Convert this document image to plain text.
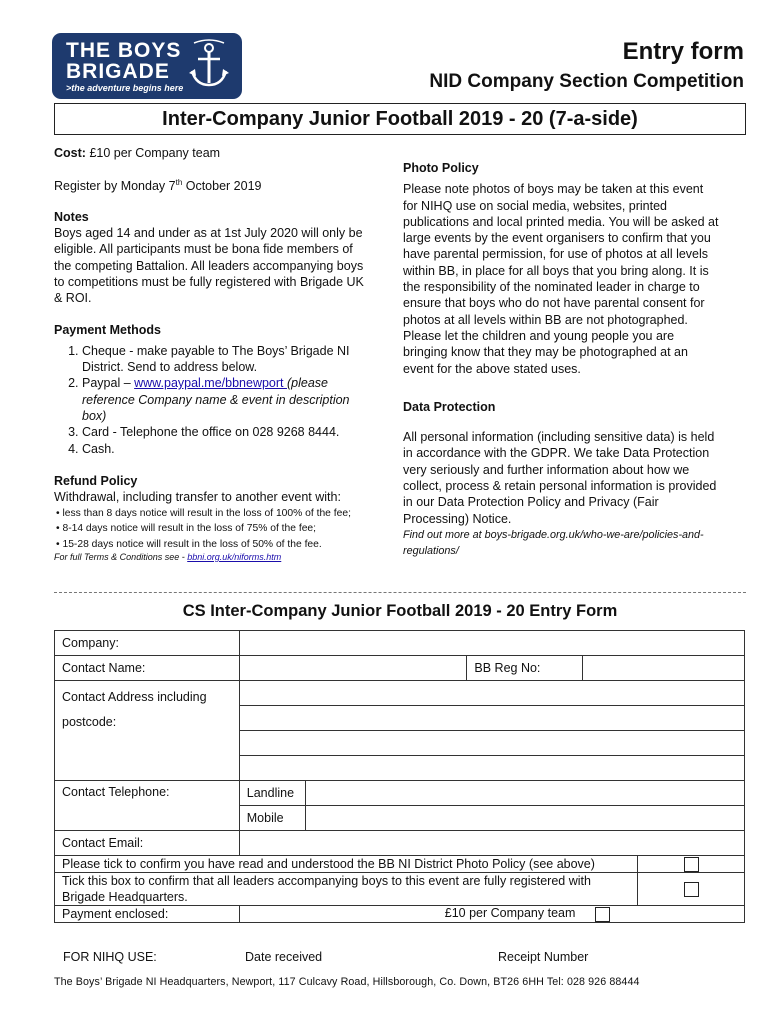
THE BOYS
BRIGADE
>the adventure begins here
Entry form
NID Company Section Competition
Inter-Company Junior Football 2019 - 20 (7-a-side)
Cost: £10 per Company team
Register by Monday 7th October 2019
Notes
Boys aged 14 and under as at 1st July 2020 will only be eligible. All participants must be bona fide members of the competing Battalion. All leaders accompanying boys to competitions must be fully registered with Brigade UK & ROI.
Payment Methods
1. Cheque - make payable to The Boys’ Brigade NI District. Send to address below.
2. Paypal – www.paypal.me/bbnewport (please reference Company name & event in description box)
3. Card - Telephone the office on 028 9268 8444.
4. Cash.
Refund Policy
Withdrawal, including transfer to another event with:
• less than 8 days notice will result in the loss of 100% of the fee;
• 8-14 days notice will result in the loss of 75% of the fee;
• 15-28 days notice will result in the loss of 50% of the fee.
For full Terms & Conditions see - bbni.org.uk/niforms.htm
Photo Policy
Please note photos of boys may be taken at this event for NIHQ use on social media, websites, printed publications and local printed media. You will be asked at large events by the event organisers to confirm that you have parental permission, for use of photos at all levels within BB, in place for all boys that you bring along. It is the responsibility of the nominated leader in charge to ensure that boys who do not have parental consent for photos at all levels within BB are not photographed. Please let the children and young people you are bringing know that they may be photographed at an event for the above stated uses.
Data Protection
All personal information (including sensitive data) is held in accordance with the GDPR. We take Data Protection very seriously and further information about how we collect, process & retain personal information is provided in our Data Protection Policy and Privacy (Fair Processing) Notice.
Find out more at boys-brigade.org.uk/who-we-are/policies-and-regulations/
CS Inter-Company Junior Football 2019 - 20 Entry Form
Company:					
Contact Name:			BB Reg No:		

Contact Address including
postcode:					

Contact Telephone:	Landline				
	Mobile				
Contact Email:					
Please tick to confirm you have read and understood the BB NI District Photo Policy (see above)					
Tick this box to confirm that all leaders accompanying boys to this event are fully registered with Brigade Headquarters.					
Payment enclosed:	£10 per Company team				
FOR NIHQ USE:	Date received	Receipt Number
The Boys’ Brigade NI Headquarters, Newport, 117 Culcavy Road, Hillsborough, Co. Down, BT26 6HH Tel: 028 926 88444
